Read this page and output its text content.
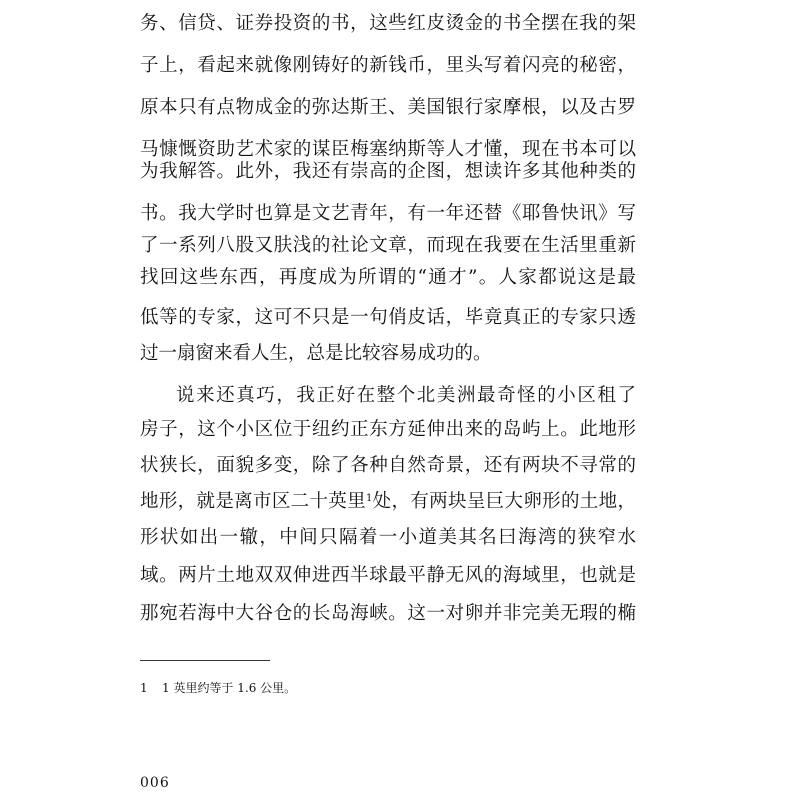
务、信贷、证券投资的书，这些红皮烫金的书全摆在我的架
子上，看起来就像刚铸好的新钱币，里头写着闪亮的秘密，
原本只有点物成金的弥达斯王、美国银行家摩根，以及古罗
马慷慨资助艺术家的谋臣梅塞纳斯等人才懂，现在书本可以
为我解答。此外，我还有崇高的企图，想读许多其他种类的
书。我大学时也算是文艺青年，有一年还替《耶鲁快讯》写
了一系列八股又肤浅的社论文章，而现在我要在生活里重新
找回这些东西，再度成为所谓的“通才”。人家都说这是最
低等的专家，这可不只是一句俏皮话，毕竟真正的专家只透
过一扇窗来看人生，总是比较容易成功的。
说来还真巧，我正好在整个北美洲最奇怪的小区租了
房子，这个小区位于纽约正东方延伸出来的岛屿上。此地形
状狭长，面貌多变，除了各种自然奇景，还有两块不寻常的
地形，就是离市区二十英里$^1$处，有两块呈巨大卵形的土地，
形状如出一辙，中间只隔着一小道美其名曰海湾的狭窄水
域。两片土地双双伸进西半球最平静无风的海域里，也就是
那宛若海中大谷仓的长岛海峡。这一对卵并非完美无瑕的椭
1 1 英里约等于 1.6 公里。
006
